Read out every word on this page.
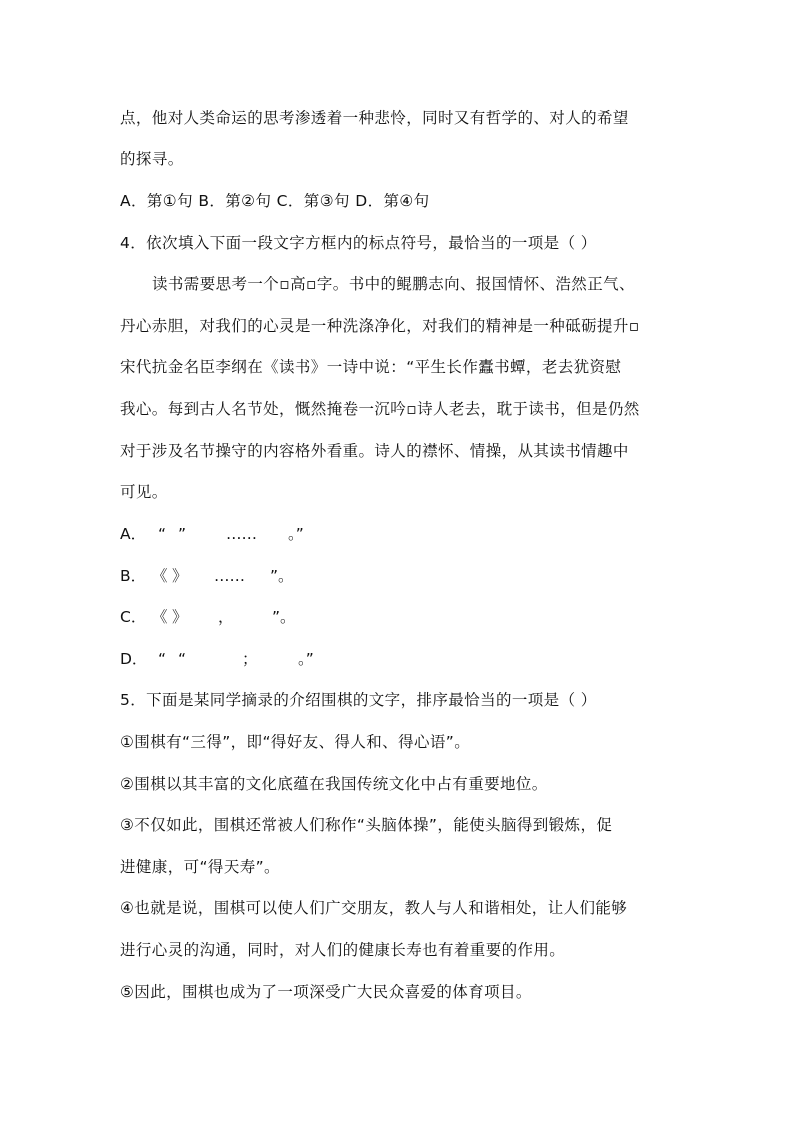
点，他对人类命运的思考渗透着一种悲怜，同时又有哲学的、对人的希望
的探寻。
A．第①句 B．第②句 C．第③句 D．第④句
4．依次填入下面一段文字方框内的标点符号，最恰当的一项是（ ）
读书需要思考一个▫高▫字。书中的鲲鹏志向、报国情怀、浩然正气、
丹心赤胆，对我们的心灵是一种洗涤净化，对我们的精神是一种砥砺提升▫
宋代抗金名臣李纲在《读书》一诗中说：“平生长作蠹书蟫，老去犹资慰
我心。每到古人名节处，慨然掩卷一沉吟▫诗人老去，耽于读书，但是仍然
对于涉及名节操守的内容格外看重。诗人的襟怀、情操，从其读书情趣中
可见。
A． “ ”	…… 。”
B． 《 》 …… ”。
C． 《 》 ， ”。
D． “ “	；	。”
5．下面是某同学摘录的介绍围棋的文字，排序最恰当的一项是（ ）
①围棋有“三得”，即“得好友、得人和、得心语”。
②围棋以其丰富的文化底蕴在我国传统文化中占有重要地位。
③不仅如此，围棋还常被人们称作“头脑体操”，能使头脑得到锻炼，促
进健康，可“得天寿”。
④也就是说，围棋可以使人们广交朋友，教人与人和谐相处，让人们能够
进行心灵的沟通，同时，对人们的健康长寿也有着重要的作用。
⑤因此，围棋也成为了一项深受广大民众喜爱的体育项目。
